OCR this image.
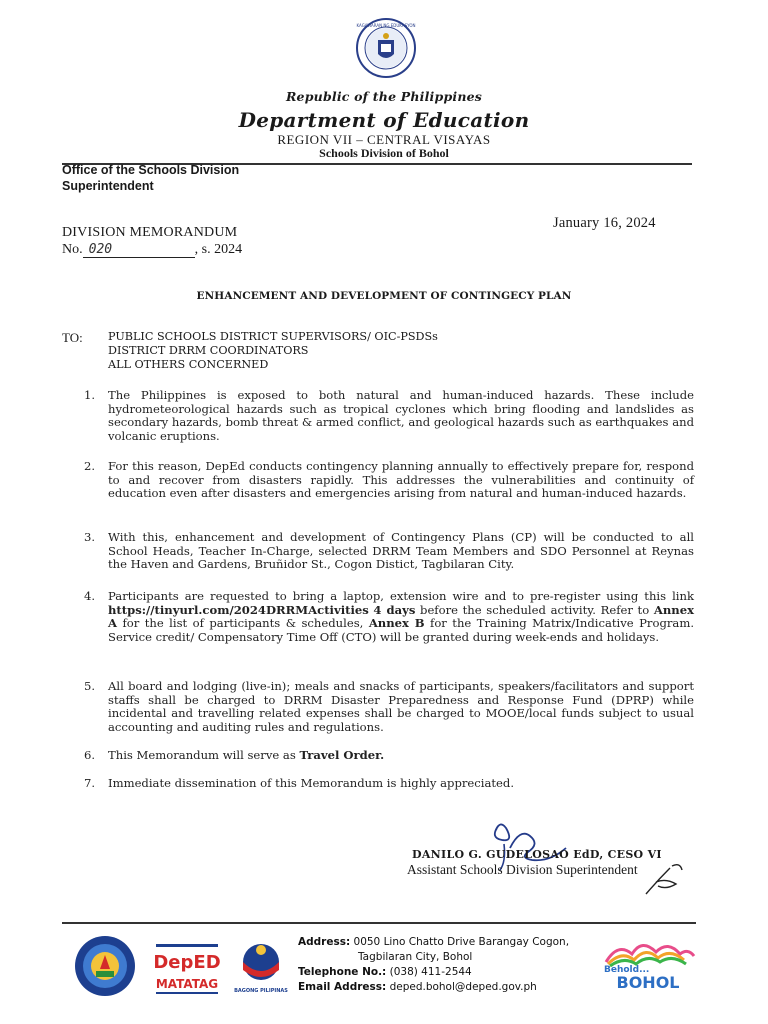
KAGAWARAN NG EDUKASYON
Republic of the Philippines
Department of Education
REGION VII – CENTRAL VISAYAS
Schools Division of Bohol
Office of the Schools Division Superintendent
January 16, 2024
DIVISION MEMORANDUM
No. 020	, s. 2024
ENHANCEMENT AND DEVELOPMENT OF CONTINGECY PLAN
TO: PUBLIC SCHOOLS DISTRICT SUPERVISORS/ OIC-PSDSs
DISTRICT DRRM COORDINATORS
ALL OTHERS CONCERNED
1. The Philippines is exposed to both natural and human-induced hazards. These include hydrometeorological hazards such as tropical cyclones which bring flooding and landslides as secondary hazards, bomb threat & armed conflict, and geological hazards such as earthquakes and volcanic eruptions.
2. For this reason, DepEd conducts contingency planning annually to effectively prepare for, respond to and recover from disasters rapidly. This addresses the vulnerabilities and continuity of education even after disasters and emergencies arising from natural and human-induced hazards.
3. With this, enhancement and development of Contingency Plans (CP) will be conducted to all School Heads, Teacher In-Charge, selected DRRM Team Members and SDO Personnel at Reynas the Haven and Gardens, Bruñidor St., Cogon Distict, Tagbilaran City.
4. Participants are requested to bring a laptop, extension wire and to pre-register using this link https://tinyurl.com/2024DRRMActivities 4 days before the scheduled activity. Refer to Annex A for the list of participants & schedules, Annex B for the Training Matrix/Indicative Program. Service credit/ Compensatory Time Off (CTO) will be granted during week-ends and holidays.
5. All board and lodging (live-in); meals and snacks of participants, speakers/facilitators and support staffs shall be charged to DRRM Disaster Preparedness and Response Fund (DPRP) while incidental and travelling related expenses shall be charged to MOOE/local funds subject to usual accounting and auditing rules and regulations.
6. This Memorandum will serve as Travel Order.
7. Immediate dissemination of this Memorandum is highly appreciated.
DANILO G. GUDELOSAO EdD, CESO VI
Assistant Schools Division Superintendent
DepED
MATATAG	BAGONG PILIPINAS
Address: 0050 Lino Chatto Drive Barangay Cogon,
Tagbilaran City, Bohol
Telephone No.: (038) 411-2544
Email Address: deped.bohol@deped.gov.ph
Behold...
BOHOL
